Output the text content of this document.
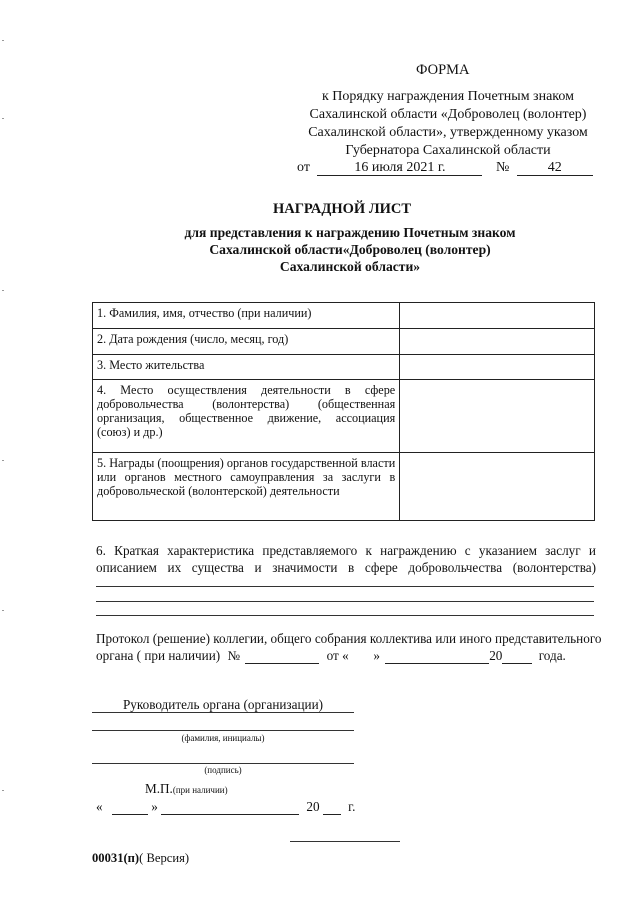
ФОРМА
к Порядку награждения Почетным знаком
Сахалинской области «Доброволец (волонтер)
Сахалинской области», утвержденному указом
Губернатора Сахалинской области
от	16 июля 2021 г.	№	42
НАГРАДНОЙ ЛИСТ
для представления к награждению Почетным знаком
Сахалинской области«Доброволец (волонтер)
Сахалинской области»
1. Фамилия, имя, отчество (при наличии)	
2. Дата рождения (число, месяц, год)	
3. Место жительства	
4. Место осуществления деятельности в сфере добровольчества (волонтерства) (общественная организация, общественное движение, ассоциация (союз) и др.)	
5. Награды (поощрения) органов государственной власти или органов местного самоуправления за заслуги в добровольческой (волонтерской) деятельности	
6. Краткая характеристика представляемого к награждению с указанием заслуг и описанием их существа и значимости в сфере добровольчества (волонтерства)
Протокол (решение) коллегии, общего собрания коллектива или иного представительного
органа ( при наличии) №	от « »	20	года.
Руководитель органа (организации)
(фамилия, инициалы)
(подпись)
М.П.(при наличии)
«	»	20 г.
00031(п)( Версия)
